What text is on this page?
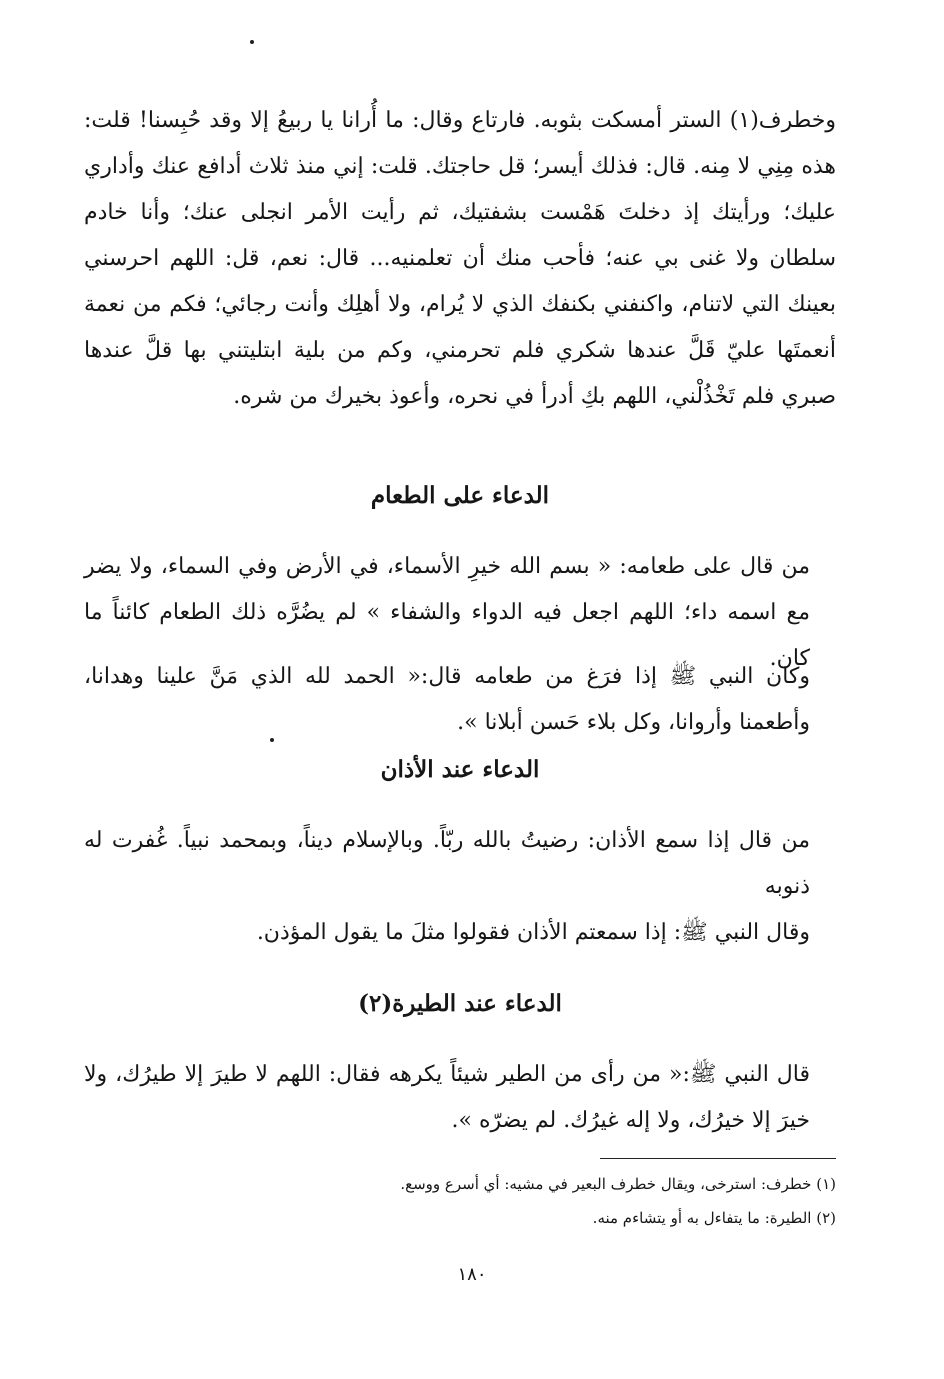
وخطرف(١) الستر أمسكت بثوبه. فارتاع وقال: ما أُرانا يا ربيعُ إلا وقد حُبِسنا! قلت: هذه مِنِي لا مِنه. قال: فذلك أيسر؛ قل حاجتك. قلت: إني منذ ثلاث أدافع عنك وأداري عليك؛ ورأيتك إذ دخلتَ هَمْست بشفتيك، ثم رأيت الأمر انجلى عنك؛ وأنا خادم سلطان ولا غنى بي عنه؛ فأحب منك أن تعلمنيه... قال: نعم، قل: اللهم احرسني بعينك التي لاتنام، واكنفني بكنفك الذي لا يُرام، ولا أهلِك وأنت رجائي؛ فكم من نعمة أنعمتَها عليّ قَلَّ عندها شكري فلم تحرمني، وكم من بلية ابتليتني بها قلَّ عندها صبري فلم تَخْذُلْني، اللهم بكِ أدرأ في نحره، وأعوذ بخيرك من شره.

الدعاء على الطعام

من قال على طعامه: « بسم الله خيرِ الأسماء، في الأرض وفي السماء، ولا يضر مع اسمه داء؛ اللهم اجعل فيه الدواء والشفاء » لم يضُرَّه ذلك الطعام كائناً ما كان.

وكان النبي ﷺ إذا فرَغ من طعامه قال:« الحمد لله الذي مَنَّ علينا وهدانا، وأطعمنا وأروانا، وكل بلاء حَسن أبلانا ».

الدعاء عند الأذان

من قال إذا سمع الأذان: رضيتُ بالله ربّاً. وبالإسلام ديناً، وبمحمد نبياً. غُفرت له ذنوبه

وقال النبي ﷺ: إذا سمعتم الأذان فقولوا مثلَ ما يقول المؤذن.

الدعاء عند الطيرة(٢)

قال النبي ﷺ:« من رأى من الطير شيئاً يكرهه فقال: اللهم لا طيرَ إلا طيرُك، ولا خيرَ إلا خيرُك، ولا إله غيرُك. لم يضرّه ».

(١) خطرف: استرخى، ويقال خطرف البعير في مشيه: أي أسرع ووسع.
(٢) الطيرة: ما يتفاءل به أو يتشاءم منه.
١٨٠
